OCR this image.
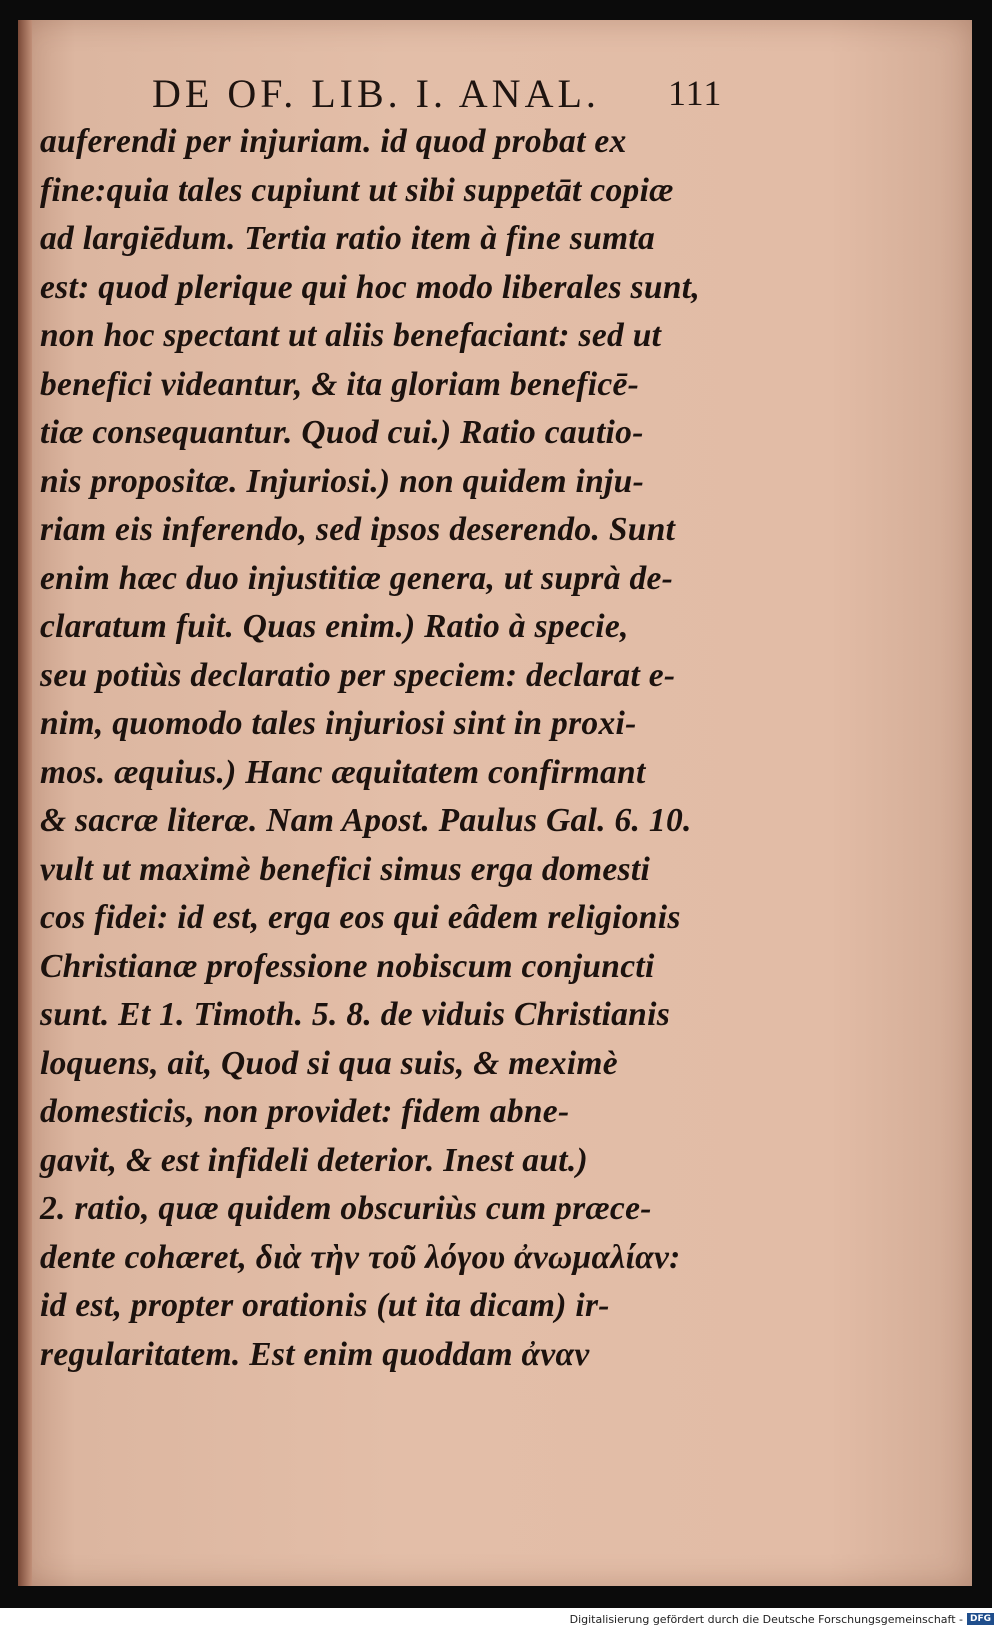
DE OF. LIB. I. ANAL.	111
auferendi per injuriam. id quod probat ex
fine:quia tales cupiunt ut sibi suppetāt copiæ
ad largiēdum. Tertia ratio item à fine sumta
est: quod plerique qui hoc modo liberales sunt,
non hoc spectant ut aliis benefaciant: sed ut
benefici videantur, & ita gloriam beneficē-
tiæ consequantur. Quod cui.) Ratio cautio-
nis propositæ. Injuriosi.) non quidem inju-
riam eis inferendo, sed ipsos deserendo. Sunt
enim hæc duo injustitiæ genera, ut suprà de-
claratum fuit. Quas enim.) Ratio à specie,
seu potiùs declaratio per speciem: declarat e-
nim, quomodo tales injuriosi sint in proxi-
mos. æquius.) Hanc æquitatem confirmant
& sacræ literæ. Nam Apost. Paulus Gal. 6. 10.
vult ut maximè benefici simus erga domesti
cos fidei: id est, erga eos qui eâdem religionis
Christianæ professione nobiscum conjuncti
sunt. Et 1. Timoth. 5. 8. de viduis Christianis
loquens, ait, Quod si qua suis, & meximè
domesticis, non providet: fidem abne-
gavit, & est infideli deterior. Inest aut.)
2. ratio, quæ quidem obscuriùs cum præce-
dente cohæret, διὰ τὴν τοῦ λόγου ἀνωμαλίαν:
id est, propter orationis (ut ita dicam) ir-
regularitatem. Est enim quoddam ἀναν
Digitalisierung gefördert durch die Deutsche Forschungsgemeinschaft - DFG
